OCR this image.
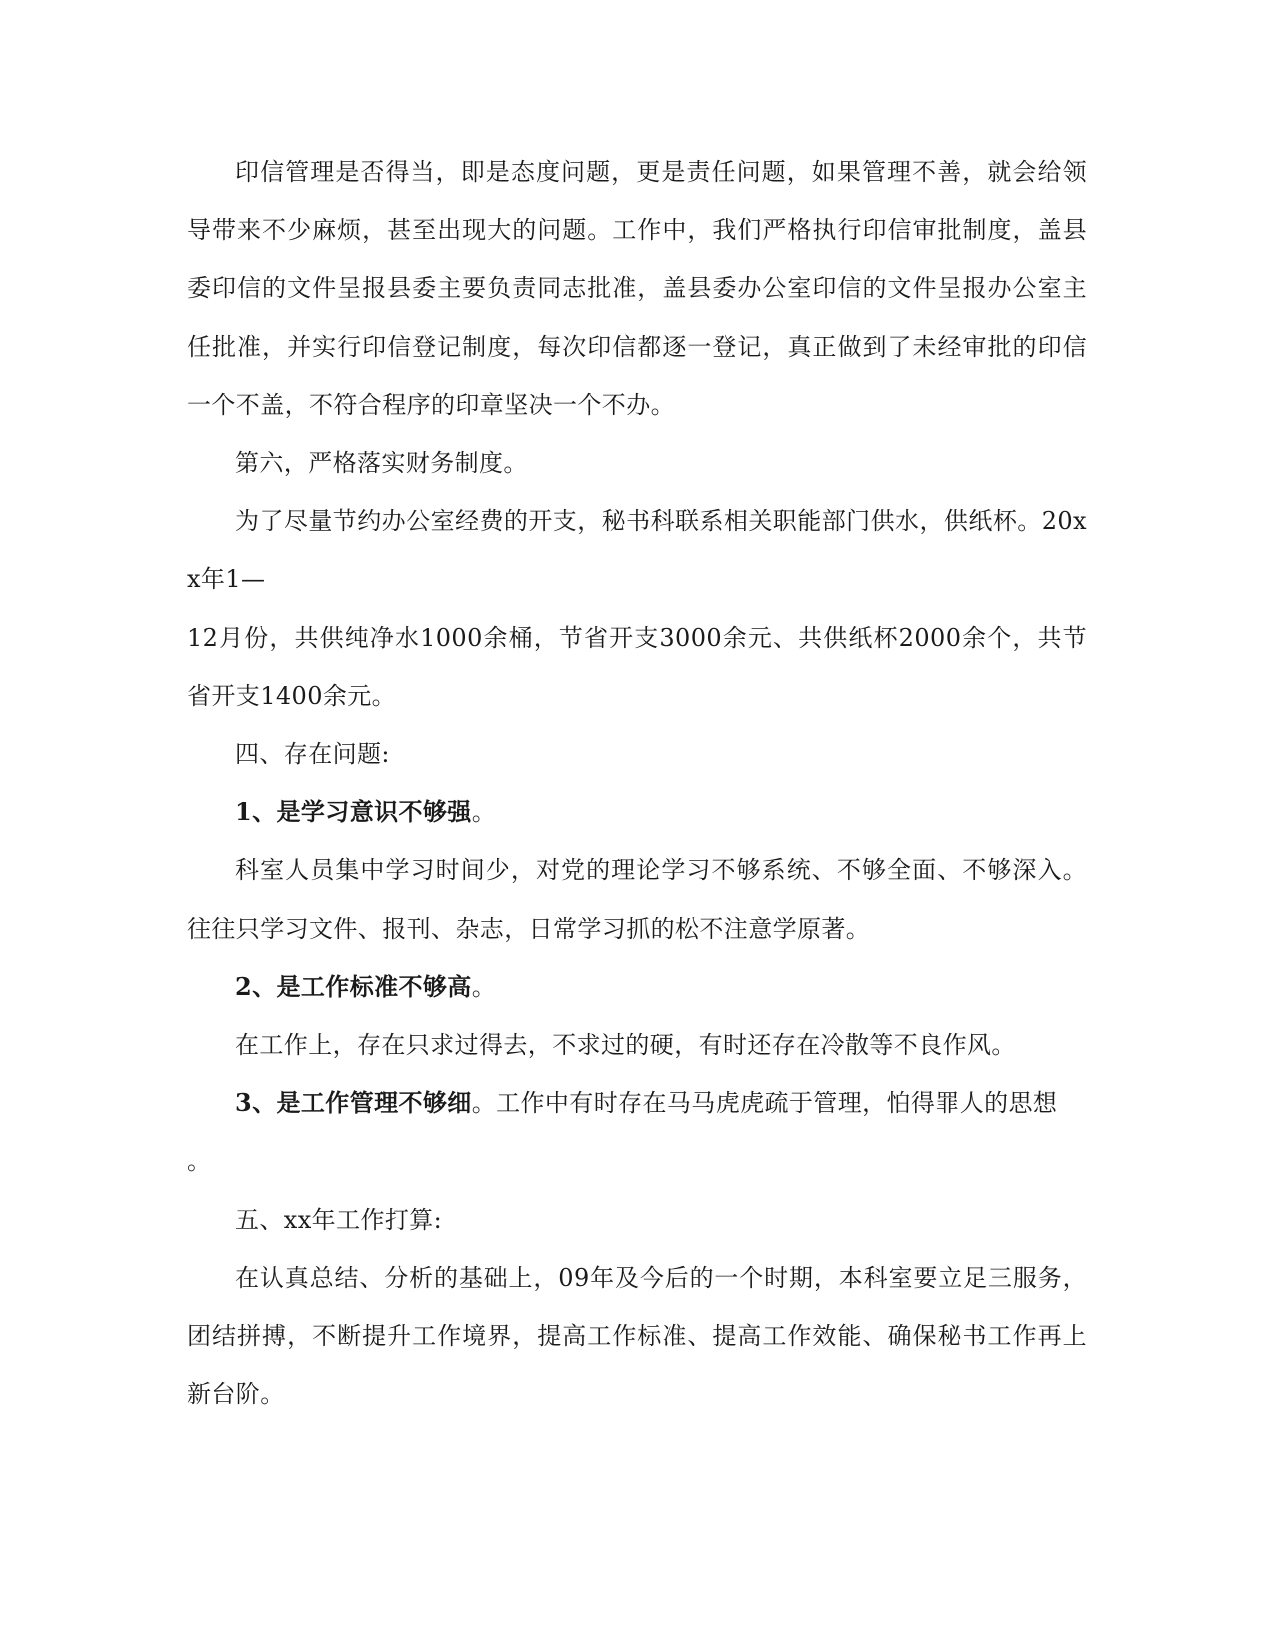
印信管理是否得当，即是态度问题，更是责任问题，如果管理不善，就会给领导带来不少麻烦，甚至出现大的问题。工作中，我们严格执行印信审批制度，盖县委印信的文件呈报县委主要负责同志批准，盖县委办公室印信的文件呈报办公室主任批准，并实行印信登记制度，每次印信都逐一登记，真正做到了未经审批的印信一个不盖，不符合程序的印章坚决一个不办。

第六，严格落实财务制度。

为了尽量节约办公室经费的开支，秘书科联系相关职能部门供水，供纸杯。20xx年1—

12月份，共供纯净水1000余桶，节省开支3000余元、共供纸杯2000余个，共节省开支1400余元。

四、存在问题:

1、是学习意识不够强。

科室人员集中学习时间少，对党的理论学习不够系统、不够全面、不够深入。往往只学习文件、报刊、杂志，日常学习抓的松不注意学原著。

2、是工作标准不够高。

在工作上，存在只求过得去，不求过的硬，有时还存在冷散等不良作风。

3、是工作管理不够细。工作中有时存在马马虎虎疏于管理，怕得罪人的思想

。

五、xx年工作打算:

在认真总结、分析的基础上，09年及今后的一个时期，本科室要立足三服务，团结拼搏，不断提升工作境界，提高工作标准、提高工作效能、确保秘书工作再上新台阶。
